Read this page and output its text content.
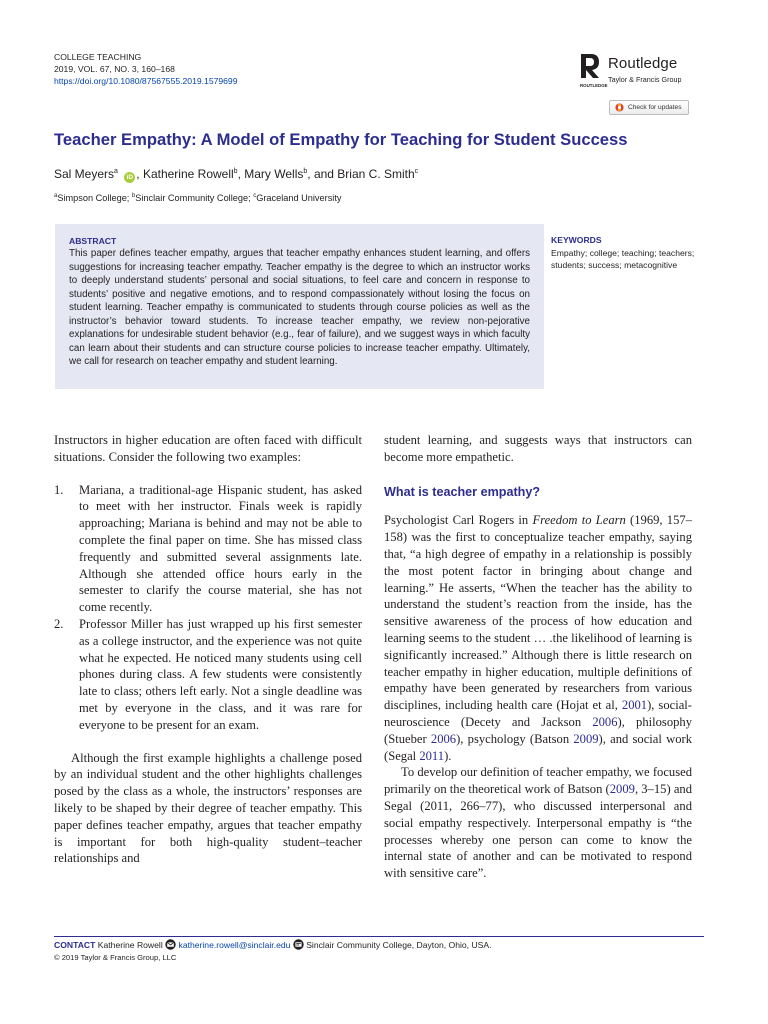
COLLEGE TEACHING
2019, VOL. 67, NO. 3, 160–168
https://doi.org/10.1080/87567555.2019.1579699	ROUTLEDGE
Routledge
Taylor & Francis Group
Check for updates
Teacher Empathy: A Model of Empathy for Teaching for Student Success
Sal Meyers$^a$ iD , Katherine Rowell$^b$, Mary Wells$^b$, and Brian C. Smith$^c$
$^a$Simpson College; $^b$Sinclair Community College; $^c$Graceland University
ABSTRACT

This paper defines teacher empathy, argues that teacher empathy enhances student learning, and offers suggestions for increasing teacher empathy. Teacher empathy is the degree to which an instructor works to deeply understand students’ personal and social situations, to feel care and concern in response to students’ positive and negative emotions, and to respond compassionately without losing the focus on student learning. Teacher empathy is communicated to students through course policies as well as the instructor’s behavior toward students. To increase teacher empathy, we review non-pejorative explanations for undesirable student behavior (e.g., fear of failure), and we suggest ways in which faculty can learn about their students and can structure course policies to increase teacher empathy. Ultimately, we call for research on teacher empathy and student learning.

KEYWORDS

Empathy; college; teaching; teachers; students; success; metacognitive

Instructors in higher education are often faced with difficult situations. Consider the following two examples:

1. Mariana, a traditional-age Hispanic student, has asked to meet with her instructor. Finals week is rapidly approaching; Mariana is behind and may not be able to complete the final paper on time. She has missed class frequently and submitted several assignments late. Although she attended office hours early in the semester to clarify the course material, she has not come recently.
2. Professor Miller has just wrapped up his first semester as a college instructor, and the experience was not quite what he expected. He noticed many students using cell phones during class. A few students were consistently late to class; others left early. Not a single deadline was met by everyone in the class, and it was rare for everyone to be present for an exam.

Although the first example highlights a challenge posed by an individual student and the other highlights challenges posed by the class as a whole, the instructors’ responses are likely to be shaped by their degree of teacher empathy. This paper defines teacher empathy, argues that teacher empathy is important for both high-quality student–teacher relationships and

student learning, and suggests ways that instructors can become more empathetic.

What is teacher empathy?

Psychologist Carl Rogers in Freedom to Learn (1969, 157–158) was the first to conceptualize teacher empathy, saying that, “a high degree of empathy in a relationship is possibly the most potent factor in bringing about change and learning.” He asserts, “When the teacher has the ability to understand the student’s reaction from the inside, has the sensitive awareness of the process of how education and learning seems to the student … .the likelihood of learning is significantly increased.” Although there is little research on teacher empathy in higher education, multiple definitions of empathy have been generated by researchers from various disciplines, including health care (Hojat et al, 2001), social-neuroscience (Decety and Jackson 2006), philosophy (Stueber 2006), psychology (Batson 2009), and social work (Segal 2011).

To develop our definition of teacher empathy, we focused primarily on the theoretical work of Batson (2009, 3–15) and Segal (2011, 266–77), who discussed interpersonal and social empathy respectively. Interpersonal empathy is “the processes whereby one person can come to know the internal state of another and can be motivated to respond with sensitive care”.

CONTACT Katherine Rowell  katherine.rowell@sinclair.edu  Sinclair Community College, Dayton, Ohio, USA.
© 2019 Taylor & Francis Group, LLC
